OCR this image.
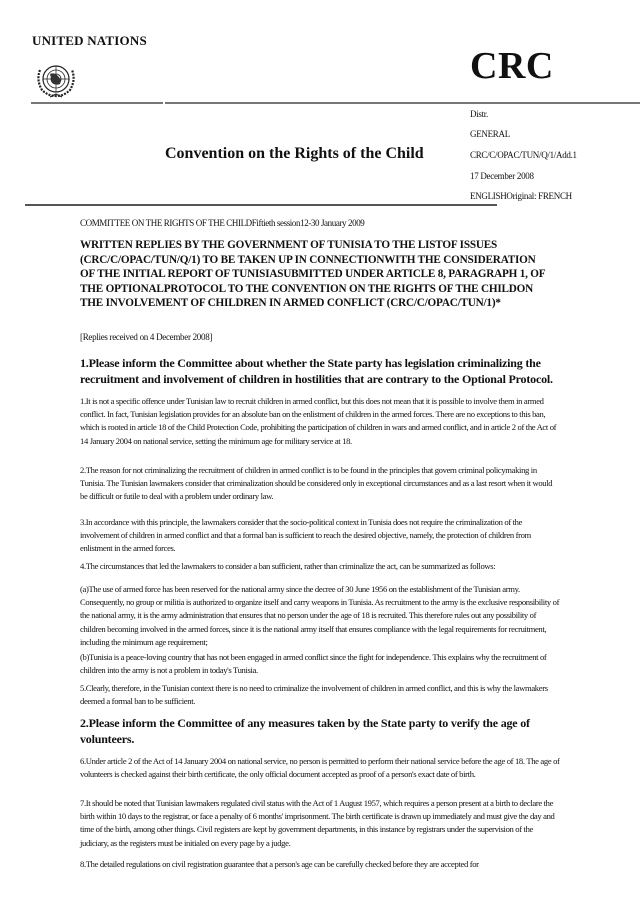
UNITED NATIONS
CRC
Convention on the Rights of the Child
Distr.
GENERAL
CRC/C/OPAC/TUN/Q/1/Add.1
17 December 2008
ENGLISHOriginal: FRENCH
COMMITTEE ON THE RIGHTS OF THE CHILDFiftieth session12-30 January 2009
WRITTEN REPLIES BY THE GOVERNMENT OF TUNISIA TO THE LISTOF ISSUES (CRC/C/OPAC/TUN/Q/1) TO BE TAKEN UP IN CONNECTIONWITH THE CONSIDERATION OF THE INITIAL REPORT OF TUNISIASUBMITTED UNDER ARTICLE 8, PARAGRAPH 1, OF THE OPTIONALPROTOCOL TO THE CONVENTION ON THE RIGHTS OF THE CHILDON THE INVOLVEMENT OF CHILDREN IN ARMED CONFLICT (CRC/C/OPAC/TUN/1)*
[Replies received on 4 December 2008]
1.Please inform the Committee about whether the State party has legislation criminalizing the recruitment and involvement of children in hostilities that are contrary to the Optional Protocol.
1.It is not a specific offence under Tunisian law to recruit children in armed conflict, but this does not mean that it is possible to involve them in armed conflict. In fact, Tunisian legislation provides for an absolute ban on the enlistment of children in the armed forces. There are no exceptions to this ban, which is rooted in article 18 of the Child Protection Code, prohibiting the participation of children in wars and armed conflict, and in article 2 of the Act of 14 January 2004 on national service, setting the minimum age for military service at 18.
2.The reason for not criminalizing the recruitment of children in armed conflict is to be found in the principles that govern criminal policymaking in Tunisia. The Tunisian lawmakers consider that criminalization should be considered only in exceptional circumstances and as a last resort when it would be difficult or futile to deal with a problem under ordinary law.
3.In accordance with this principle, the lawmakers consider that the socio-political context in Tunisia does not require the criminalization of the involvement of children in armed conflict and that a formal ban is sufficient to reach the desired objective, namely, the protection of children from enlistment in the armed forces.
4.The circumstances that led the lawmakers to consider a ban sufficient, rather than criminalize the act, can be summarized as follows:
(a)The use of armed force has been reserved for the national army since the decree of 30 June 1956 on the establishment of the Tunisian army. Consequently, no group or militia is authorized to organize itself and carry weapons in Tunisia. As recruitment to the army is the exclusive responsibility of the national army, it is the army administration that ensures that no person under the age of 18 is recruited. This therefore rules out any possibility of children becoming involved in the armed forces, since it is the national army itself that ensures compliance with the legal requirements for recruitment, including the minimum age requirement;
(b)Tunisia is a peace-loving country that has not been engaged in armed conflict since the fight for independence. This explains why the recruitment of children into the army is not a problem in today's Tunisia.
5.Clearly, therefore, in the Tunisian context there is no need to criminalize the involvement of children in armed conflict, and this is why the lawmakers deemed a formal ban to be sufficient.
2.Please inform the Committee of any measures taken by the State party to verify the age of volunteers.
6.Under article 2 of the Act of 14 January 2004 on national service, no person is permitted to perform their national service before the age of 18. The age of volunteers is checked against their birth certificate, the only official document accepted as proof of a person's exact date of birth.
7.It should be noted that Tunisian lawmakers regulated civil status with the Act of 1 August 1957, which requires a person present at a birth to declare the birth within 10 days to the registrar, or face a penalty of 6 months' imprisonment. The birth certificate is drawn up immediately and must give the day and time of the birth, among other things. Civil registers are kept by government departments, in this instance by registrars under the supervision of the judiciary, as the registers must be initialed on every page by a judge.
8.The detailed regulations on civil registration guarantee that a person's age can be carefully checked before they are accepted for
